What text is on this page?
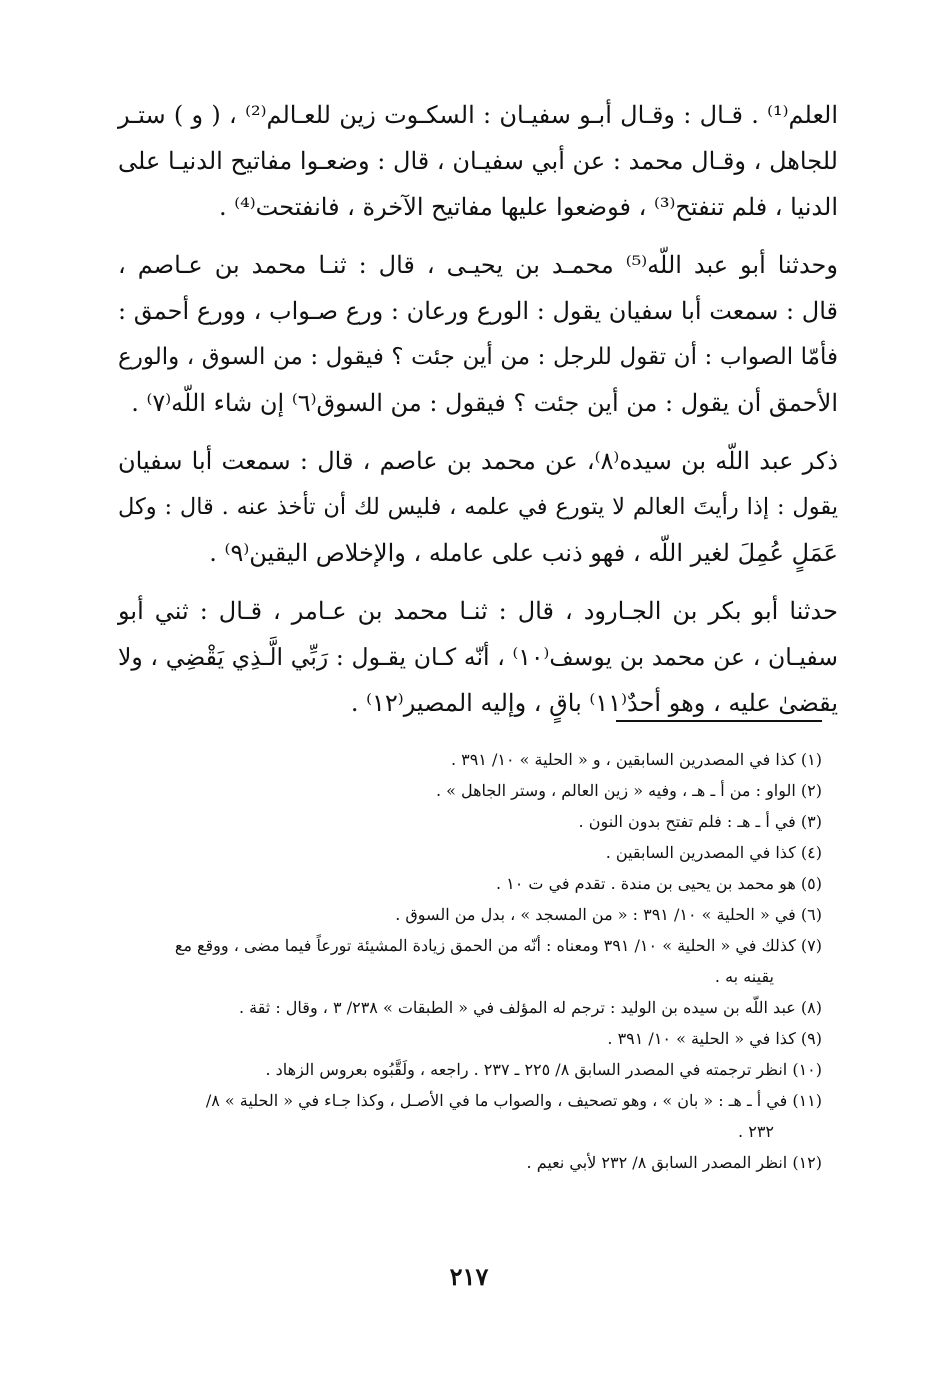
العلم⁽¹⁾ . قـال : وقـال أبـو سفيـان : السكـوت زين للعـالم⁽²⁾ ، ( و ) ستـر
للجاهل ، وقـال محمد : عن أبي سفيـان ، قال : وضعـوا مفاتيح الدنيـا على
الدنيا ، فلم تنفتح⁽³⁾ ، فوضعوا عليها مفاتيح الآخرة ، فانفتحت⁽⁴⁾ .

وحدثنا أبو عبد اللّه⁽⁵⁾ محمـد بن يحيـى ، قال : ثنـا محمد بن عـاصم ،
قال : سمعت أبا سفيان يقول : الورع ورعان : ورع صـواب ، وورع أحمق :
فأمّا الصواب : أن تقول للرجل : من أين جئت ؟ فيقول : من السوق ، والورع
الأحمق أن يقول : من أين جئت ؟ فيقول : من السوق⁽٦⁾ إن شاء اللّه⁽٧⁾ .

ذكر عبد اللّه بن سيده⁽٨⁾، عن محمد بن عاصم ، قال : سمعت أبا سفيان
يقول : إذا رأيتَ العالم لا يتورع في علمه ، فليس لك أن تأخذ عنه . قال : وكل
عَمَلٍ عُمِلَ لغير اللّه ، فهو ذنب على عامله ، والإخلاص اليقين⁽٩⁾ .

حدثنا أبو بكر بن الجـارود ، قال : ثنـا محمد بن عـامر ، قـال : ثني أبو
سفيـان ، عن محمد بن يوسف⁽١٠⁾ ، أنّه كـان يقـول : رَبِّي الَّـذِي يَقْضِي ، ولا
يقضىٰ عليه ، وهو أحدٌ⁽١١⁾ باقٍ ، وإليه المصير⁽١٢⁾ .

(١) كذا في المصدرين السابقين ، و « الحلية » ١٠/ ٣٩١ .
(٢) الواو : من أ ـ هـ ، وفيه « زين العالم ، وستر الجاهل » .
(٣) في أ ـ هـ : فلم تفتح بدون النون .
(٤) كذا في المصدرين السابقين .
(٥) هو محمد بن يحيى بن مندة . تقدم في ت ١٠ .
(٦) في « الحلية » ١٠/ ٣٩١ : « من المسجد » ، بدل من السوق .
(٧) كذلك في « الحلية » ١٠/ ٣٩١ ومعناه : أنّه من الحمق زيادة المشيئة تورعاً فيما مضى ، ووقع مع
يقينه به .
(٨) عبد اللّه بن سيده بن الوليد : ترجم له المؤلف في « الطبقات » ٢٣٨/ ٣ ، وقال : ثقة .
(٩) كذا في « الحلية » ١٠/ ٣٩١ .
(١٠) انظر ترجمته في المصدر السابق ٨/ ٢٢٥ ـ ٢٣٧ . راجعه ، ولَقَّبُوه بعروس الزهاد .
(١١) في أ ـ هـ : « بان » ، وهو تصحيف ، والصواب ما في الأصـل ، وكذا جـاء في « الحلية » ٨/
٢٣٢ .
(١٢) انظر المصدر السابق ٨/ ٢٣٢ لأبي نعيم .
٢١٧
